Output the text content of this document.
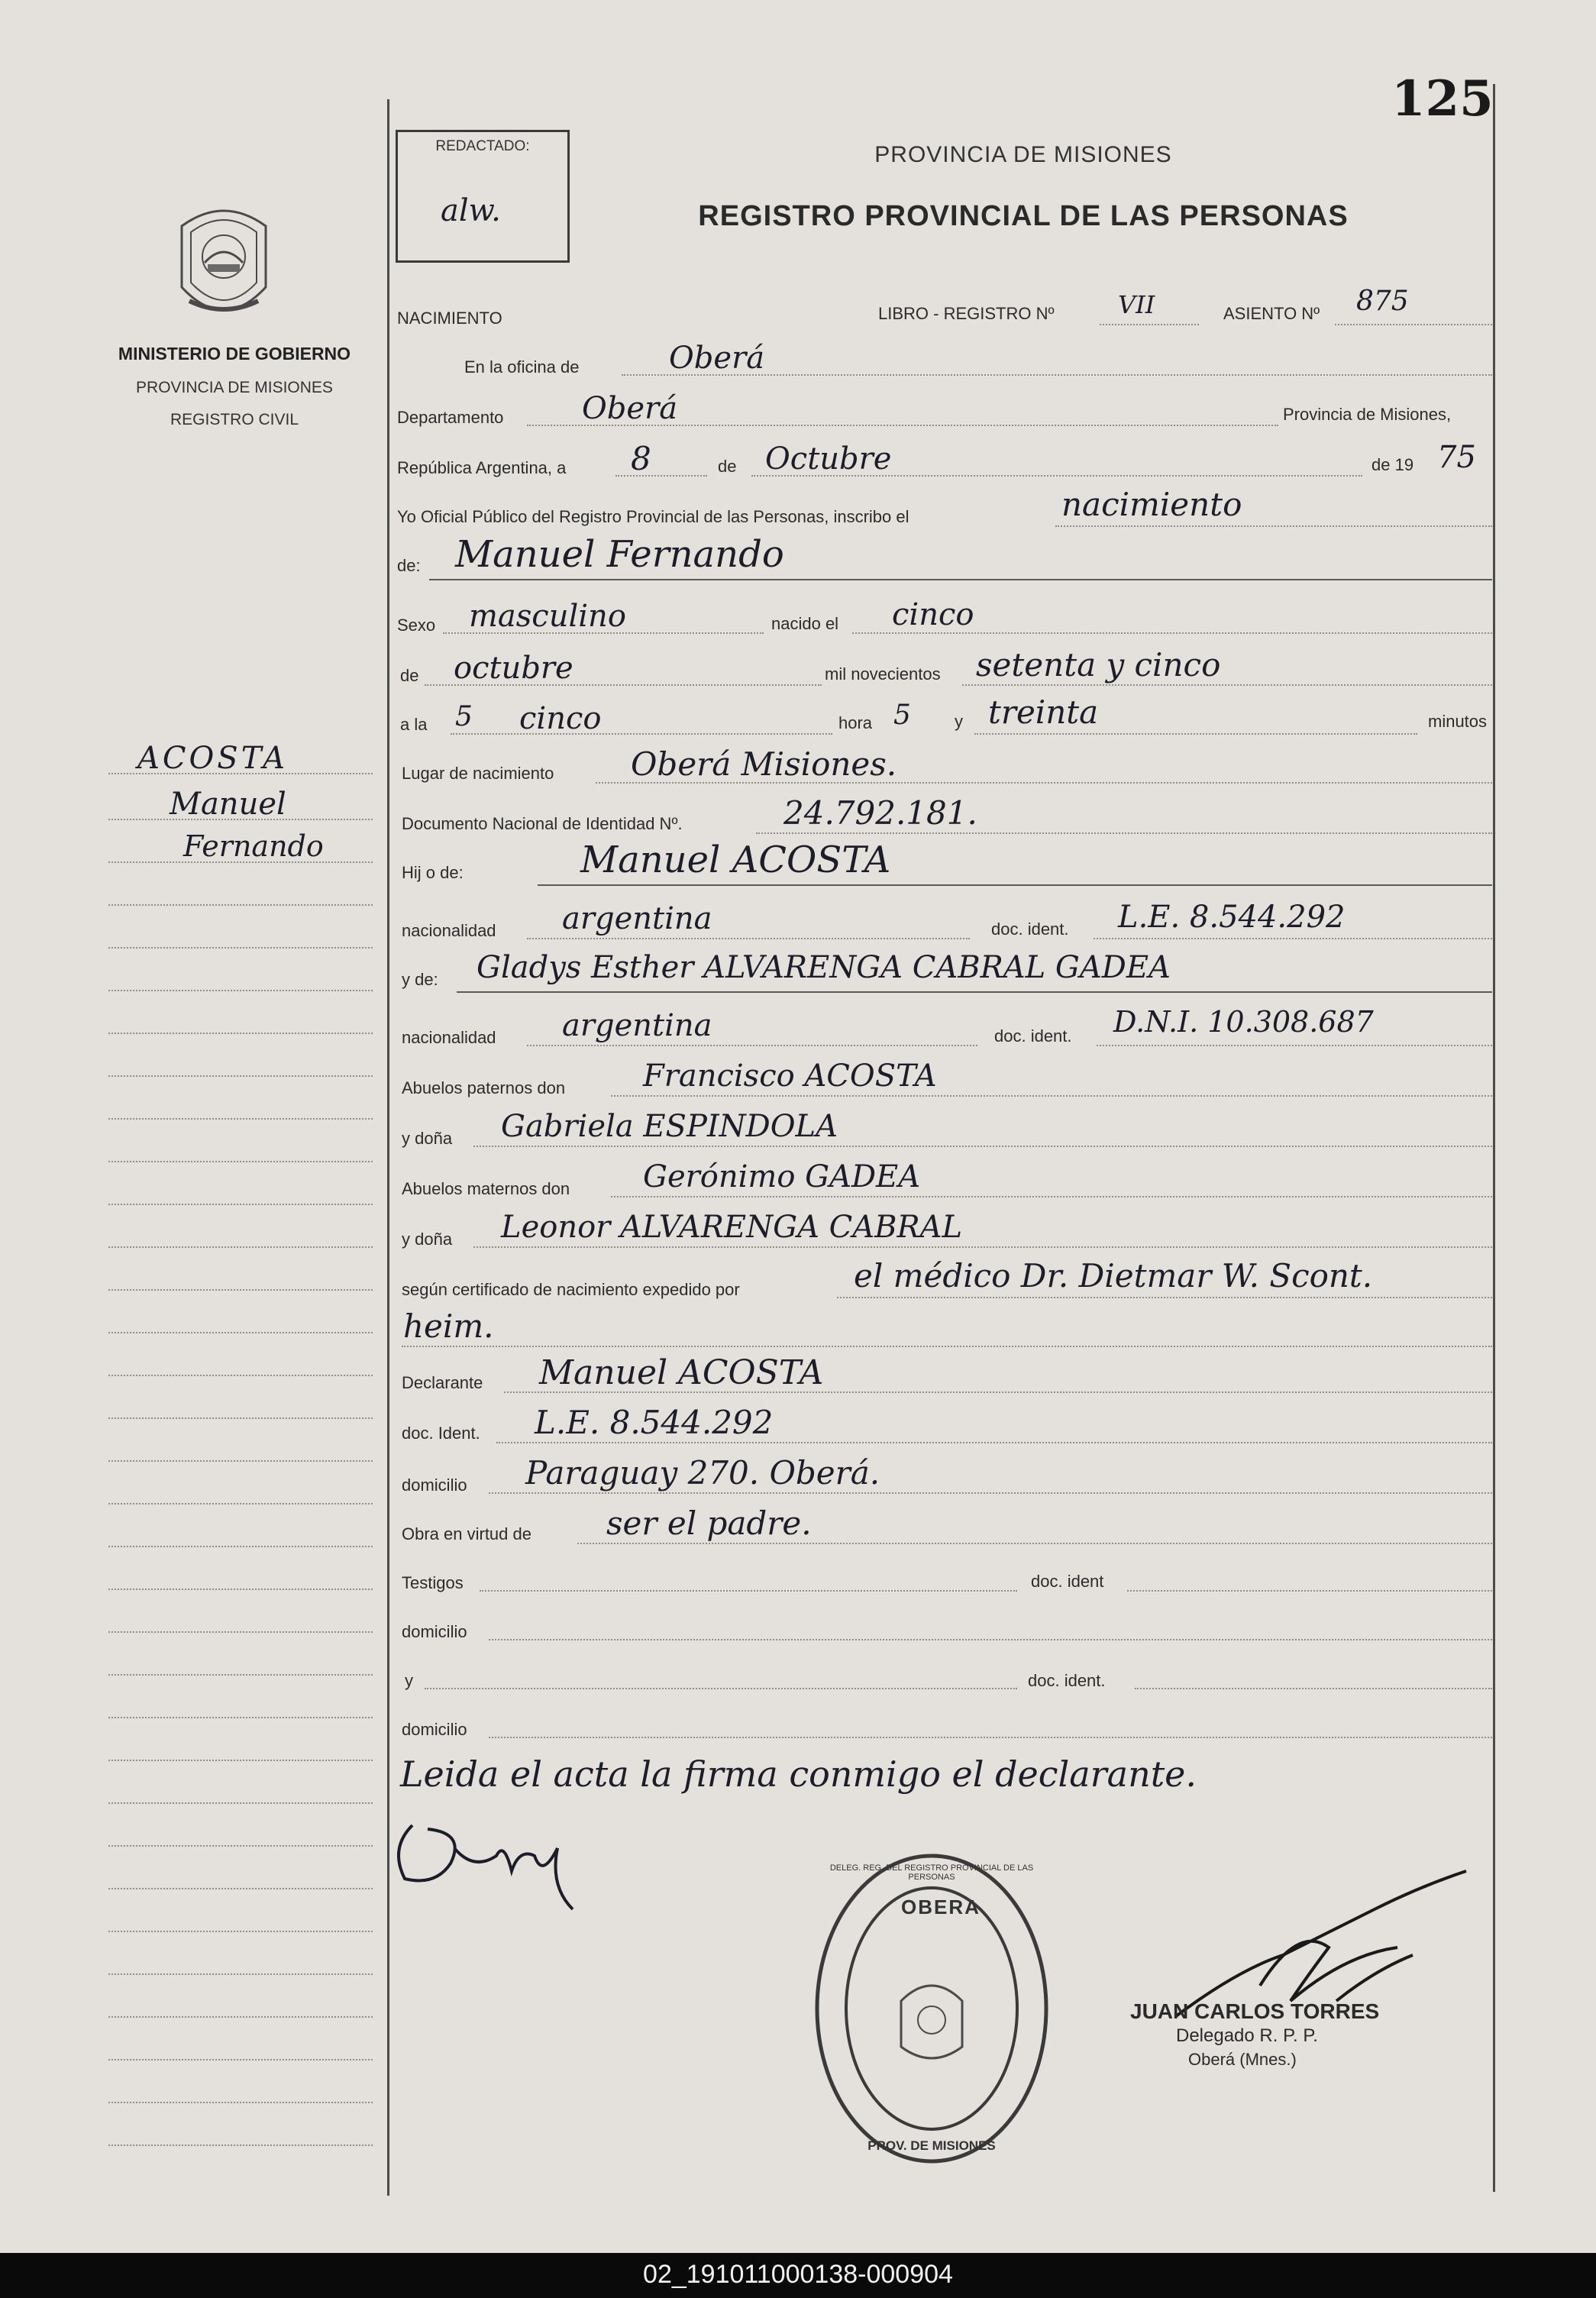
125
MINISTERIO DE GOBIERNO
PROVINCIA DE MISIONES
REGISTRO CIVIL
REDACTADO:
alw.
PROVINCIA DE MISIONES
REGISTRO PROVINCIAL DE LAS PERSONAS
ACOSTA
Manuel
Fernando
NACIMIENTO	LIBRO - REGISTRO Nº	VII	ASIENTO Nº 875
En la oficina de	Oberá
Departamento	Oberá	Provincia de Misiones,
República Argentina, a 8	de Octubre	de 19 75
Yo Oficial Público del Registro Provincial de las Personas, inscribo el	nacimiento
de: Manuel Fernando
Sexo masculino	nacido el cinco
de octubre	mil novecientos setenta y cinco
a la 5 cinco	hora 5	y treinta	minutos
Lugar de nacimiento Oberá Misiones.
Documento Nacional de Identidad Nº.	24.792.181.
Hij o de:	Manuel ACOSTA
nacionalidad argentina	doc. ident. L.E. 8.544.292
y de: Gladys Esther ALVARENGA CABRAL GADEA
nacionalidad argentina	doc. ident. D.N.I. 10.308.687
Abuelos paternos don	Francisco ACOSTA
y doña Gabriela ESPINDOLA
Abuelos maternos don Gerónimo GADEA
y doña Leonor ALVARENGA CABRAL
según certificado de nacimiento expedido por	el médico Dr. Dietmar W. Scont.
heim.
Declarante Manuel ACOSTA
doc. Ident. L.E. 8.544.292
domicilio Paraguay 270. Oberá.
Obra en virtud de ser el padre.
Testigos	doc. ident
domicilio
y	doc. ident.
domicilio
Leida el acta la firma conmigo el declarante.
OBERA
DELEG. REG. DEL REGISTRO PROVINCIAL DE LAS PERSONAS
PROV. DE MISIONES
JUAN CARLOS TORRES
Delegado R. P. P.
Oberá (Mnes.)
02_191011000138-000904
